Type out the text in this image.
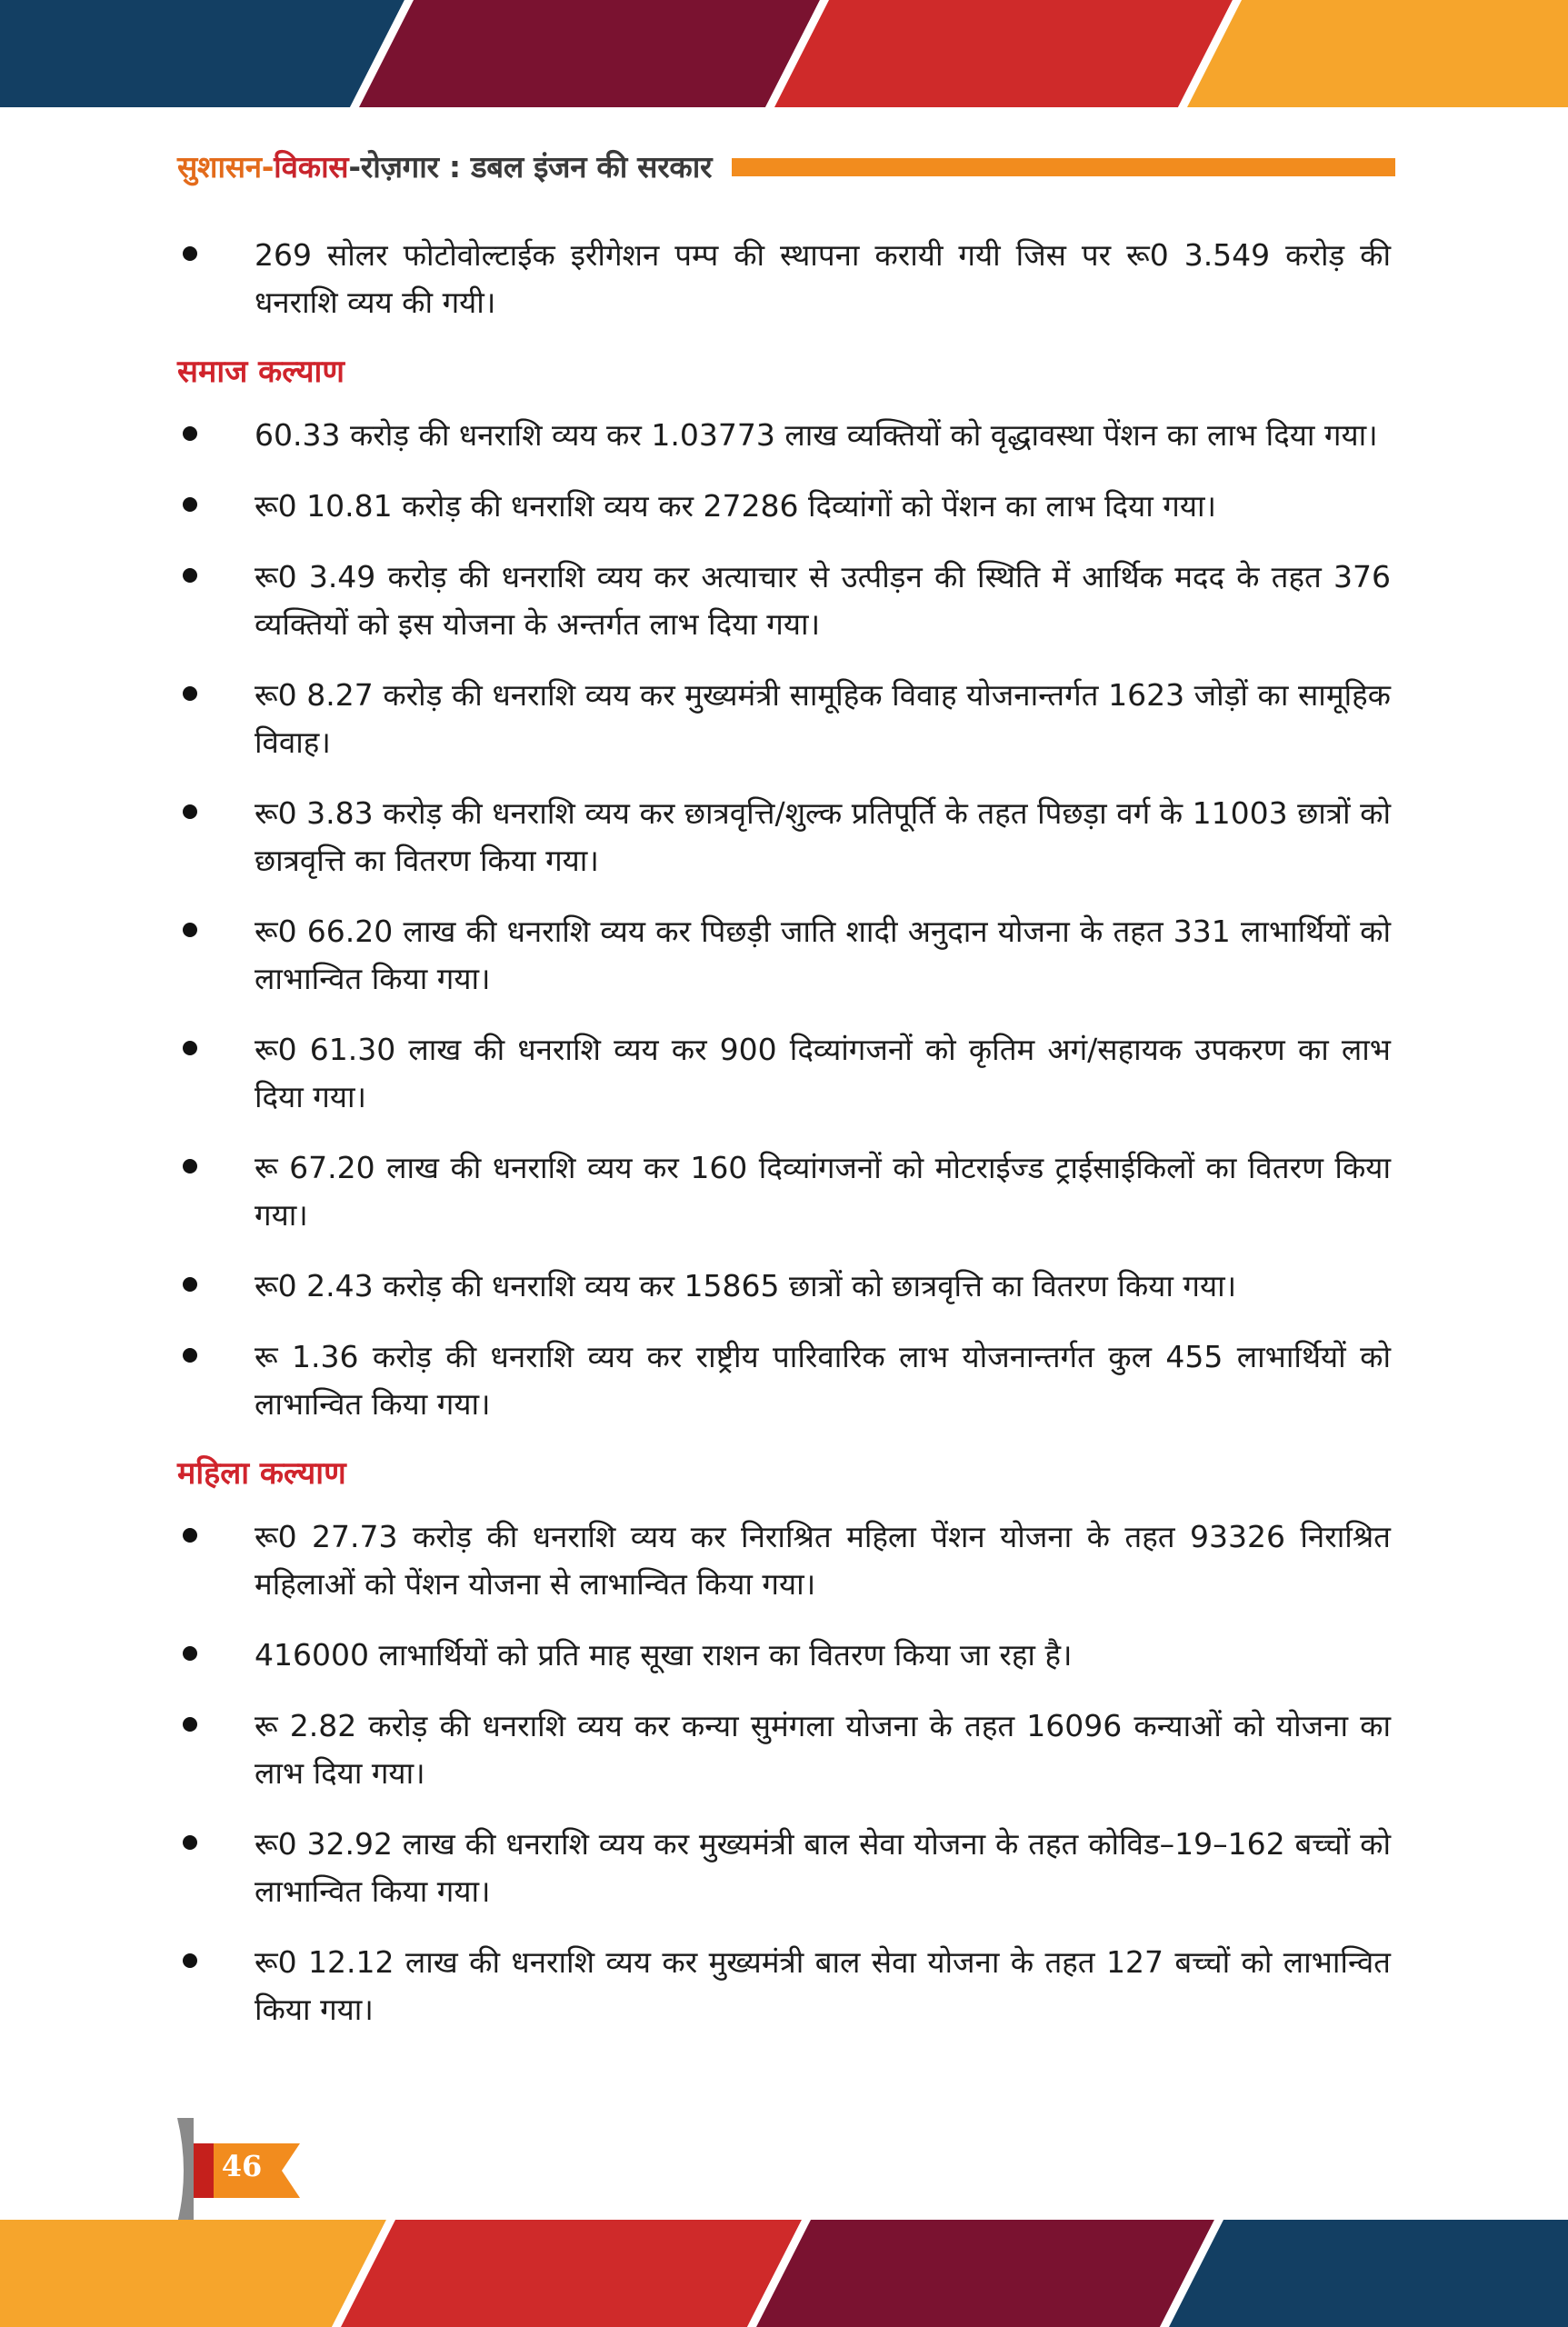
सुशासन-विकास-रोज़गार : डबल इंजन की सरकार
269 सोलर फोटोवोल्टाईक इरीगेशन पम्प की स्थापना करायी गयी जिस पर रू0 3.549 करोड़ की धनराशि व्यय की गयी।
समाज कल्याण
60.33 करोड़ की धनराशि व्यय कर 1.03773 लाख व्यक्तियों को वृद्धावस्था पेंशन का लाभ दिया गया।
रू0 10.81 करोड़ की धनराशि व्यय कर 27286 दिव्यांगों को पेंशन का लाभ दिया गया।
रू0 3.49 करोड़ की धनराशि व्यय कर अत्याचार से उत्पीड़न की स्थिति में आर्थिक मदद के तहत 376 व्यक्तियों को इस योजना के अन्तर्गत लाभ दिया गया।
रू0 8.27 करोड़ की धनराशि व्यय कर मुख्यमंत्री सामूहिक विवाह योजनान्तर्गत 1623 जोड़ों का सामूहिक विवाह।
रू0 3.83 करोड़ की धनराशि व्यय कर छात्रवृत्ति/शुल्क प्रतिपूर्ति के तहत पिछड़ा वर्ग के 11003 छात्रों को छात्रवृत्ति का वितरण किया गया।
रू0 66.20 लाख की धनराशि व्यय कर पिछड़ी जाति शादी अनुदान योजना के तहत 331 लाभार्थियों को लाभान्वित किया गया।
रू0 61.30 लाख की धनराशि व्यय कर 900 दिव्यांगजनों को कृतिम अगं/सहायक उपकरण का लाभ दिया गया।
रू 67.20 लाख की धनराशि व्यय कर 160 दिव्यांगजनों को मोटराईज्ड ट्राईसाईकिलों का वितरण किया गया।
रू0 2.43 करोड़ की धनराशि व्यय कर 15865 छात्रों को छात्रवृत्ति का वितरण किया गया।
रू 1.36 करोड़ की धनराशि व्यय कर राष्ट्रीय पारिवारिक लाभ योजनान्तर्गत कुल 455 लाभार्थियों को लाभान्वित किया गया।
महिला कल्याण
रू0 27.73 करोड़ की धनराशि व्यय कर निराश्रित महिला पेंशन योजना के तहत 93326 निराश्रित महिलाओं को पेंशन योजना से लाभान्वित किया गया।
416000 लाभार्थियों को प्रति माह सूखा राशन का वितरण किया जा रहा है।
रू 2.82 करोड़ की धनराशि व्यय कर कन्या सुमंगला योजना के तहत 16096 कन्याओं को योजना का लाभ दिया गया।
रू0 32.92 लाख की धनराशि व्यय कर मुख्यमंत्री बाल सेवा योजना के तहत कोविड–19–162 बच्चों को लाभान्वित किया गया।
रू0 12.12 लाख की धनराशि व्यय कर मुख्यमंत्री बाल सेवा योजना के तहत 127 बच्चों को लाभान्वित किया गया।
46
